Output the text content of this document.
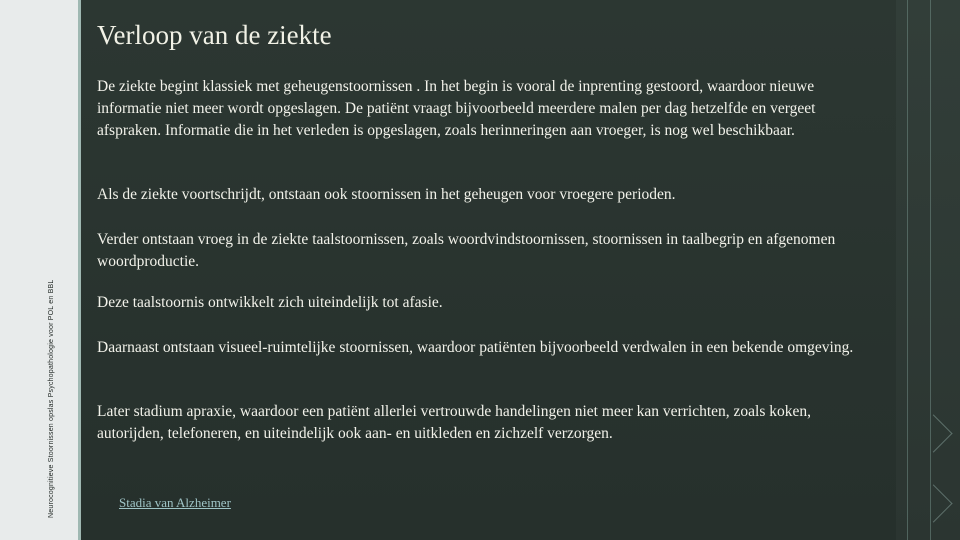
Verloop van de ziekte
Neurocognitieve Stoornissen opslas Psychopathologie voor POL en BBL

De ziekte begint klassiek met geheugenstoornissen . In het begin is vooral de inprenting gestoord, waardoor nieuwe informatie niet meer wordt opgeslagen. De patiënt vraagt bijvoorbeeld meerdere malen per dag hetzelfde en vergeet afspraken. Informatie die in het verleden is opgeslagen, zoals herinneringen aan vroeger, is nog wel beschikbaar.

Als de ziekte voortschrijdt, ontstaan ook stoornissen in het geheugen voor vroegere perioden.

Verder ontstaan vroeg in de ziekte taalstoornissen, zoals woordvindstoornissen, stoornissen in taalbegrip en afgenomen woordproductie.

Deze taalstoornis ontwikkelt zich uiteindelijk tot afasie.

Daarnaast ontstaan visueel-ruimtelijke stoornissen, waardoor patiënten bijvoorbeeld verdwalen in een bekende omgeving.

Later stadium apraxie, waardoor een patiënt allerlei vertrouwde handelingen niet meer kan verrichten, zoals koken, autorijden, telefoneren, en uiteindelijk ook aan- en uitkleden en zichzelf verzorgen.

Stadia van Alzheimer
